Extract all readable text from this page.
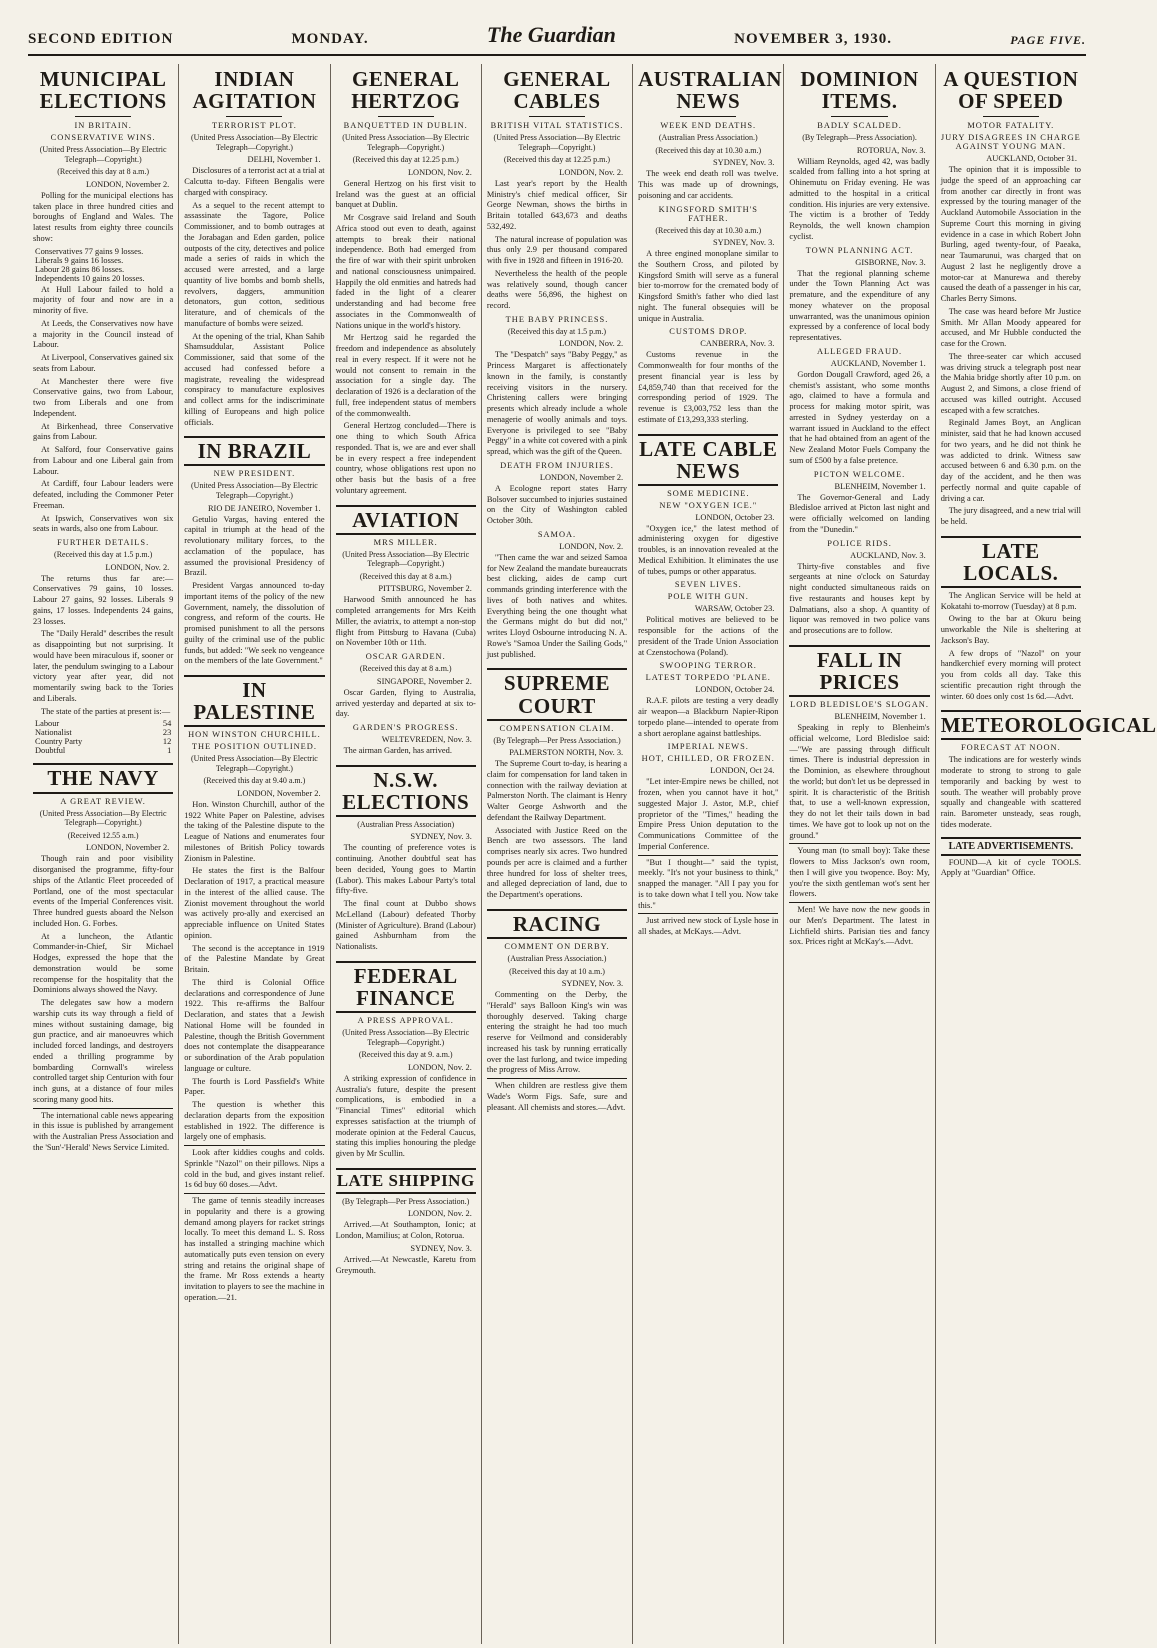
SECOND EDITION	MONDAY.	The Guardian	NOVEMBER 3, 1930.	PAGE FIVE.
MUNICIPAL ELECTIONS
IN BRITAIN.
CONSERVATIVE WINS.
(United Press Association—By Electric Telegraph—Copyright.)
(Received this day at 8 a.m.)
LONDON, November 2.

Polling for the municipal elections has taken place in three hundred cities and boroughs of England and Wales. The latest results from eighty three councils show:

Conservatives 77 gains 9 losses.
Liberals 9 gains 16 losses.
Labour 28 gains 86 losses.
Independents 10 gains 20 losses.

At Hull Labour failed to hold a majority of four and now are in a minority of five.

At Leeds, the Conservatives now have a majority in the Council instead of Labour.

At Liverpool, Conservatives gained six seats from Labour.

At Manchester there were five Conservative gains, two from Labour, two from Liberals and one from Independent.

At Birkenhead, three Conservative gains from Labour.

At Salford, four Conservative gains from Labour and one Liberal gain from Labour.

At Cardiff, four Labour leaders were defeated, including the Commoner Peter Freeman.

At Ipswich, Conservatives won six seats in wards, also one from Labour.

FURTHER DETAILS.
(Received this day at 1.5 p.m.)
LONDON, Nov. 2.

The returns thus far are:—Conservatives 79 gains, 10 losses. Labour 27 gains, 92 losses. Liberals 9 gains, 17 losses. Independents 24 gains, 23 losses.

The "Daily Herald" describes the result as disappointing but not surprising. It would have been miraculous if, sooner or later, the pendulum swinging to a Labour victory year after year, did not momentarily swing back to the Tories and Liberals.

The state of the parties at present is:—

Labour	54
Nationalist	23
Country Party	12
Doubtful	1
THE NAVY
A GREAT REVIEW.
(United Press Association—By Electric Telegraph—Copyright.)
(Received 12.55 a.m.)
LONDON, November 2.

Though rain and poor visibility disorganised the programme, fifty-four ships of the Atlantic Fleet proceeded of Portland, one of the most spectacular events of the Imperial Conferences visit. Three hundred guests aboard the Nelson included Hon. G. Forbes.

At a luncheon, the Atlantic Commander-in-Chief, Sir Michael Hodges, expressed the hope that the demonstration would be some recompense for the hospitality that the Dominions always showed the Navy.

The delegates saw how a modern warship cuts its way through a field of mines without sustaining damage, big gun practice, and air manoeuvres which included forced landings, and destroyers ended a thrilling programme by bombarding Cornwall's wireless controlled target ship Centurion with four inch guns, at a distance of four miles scoring many good hits.

The international cable news appearing in this issue is published by arrangement with the Australian Press Association and the 'Sun'-'Herald' News Service Limited.

INDIAN AGITATION
TERRORIST PLOT.
(United Press Association—By Electric Telegraph—Copyright.)
DELHI, November 1.

Disclosures of a terrorist act at a trial at Calcutta to-day. Fifteen Bengalis were charged with conspiracy.

As a sequel to the recent attempt to assassinate the Tagore, Police Commissioner, and to bomb outrages at the Jorabagan and Eden garden, police outposts of the city, detectives and police made a series of raids in which the accused were arrested, and a large quantity of live bombs and bomb shells, revolvers, daggers, ammunition detonators, gun cotton, seditious literature, and of chemicals of the manufacture of bombs were seized.

At the opening of the trial, Khan Sahib Shamsuddular, Assistant Police Commissioner, said that some of the accused had confessed before a magistrate, revealing the widespread conspiracy to manufacture explosives and collect arms for the indiscriminate killing of Europeans and high police officials.

IN BRAZIL
NEW PRESIDENT.
(United Press Association—By Electric Telegraph—Copyright.)
RIO DE JANEIRO, November 1.

Getulio Vargas, having entered the capital in triumph at the head of the revolutionary military forces, to the acclamation of the populace, has assumed the provisional Presidency of Brazil.

President Vargas announced to-day important items of the policy of the new Government, namely, the dissolution of congress, and reform of the courts. He promised punishment to all the persons guilty of the criminal use of the public funds, but added: "We seek no vengeance on the members of the late Government."

IN PALESTINE
HON WINSTON CHURCHILL.
THE POSITION OUTLINED.
(United Press Association—By Electric Telegraph—Copyright.)
(Received this day at 9.40 a.m.)
LONDON, November 2.

Hon. Winston Churchill, author of the 1922 White Paper on Palestine, advises the taking of the Palestine dispute to the League of Nations and enumerates four milestones of British Policy towards Zionism in Palestine.

He states the first is the Balfour Declaration of 1917, a practical measure in the interest of the allied cause. The Zionist movement throughout the world was actively pro-ally and exercised an appreciable influence on United States opinion.

The second is the acceptance in 1919 of the Palestine Mandate by Great Britain.

The third is Colonial Office declarations and correspondence of June 1922. This re-affirms the Balfour Declaration, and states that a Jewish National Home will be founded in Palestine, though the British Government does not contemplate the disappearance or subordination of the Arab population language or culture.

The fourth is Lord Passfield's White Paper.

The question is whether this declaration departs from the exposition established in 1922. The difference is largely one of emphasis.

Look after kiddies coughs and colds. Sprinkle "Nazol" on their pillows. Nips a cold in the bud, and gives instant relief. 1s 6d buy 60 doses.—Advt.

The game of tennis steadily increases in popularity and there is a growing demand among players for racket strings locally. To meet this demand L. S. Ross has installed a stringing machine which automatically puts even tension on every string and retains the original shape of the frame. Mr Ross extends a hearty invitation to players to see the machine in operation.—21.

GENERAL HERTZOG
BANQUETTED IN DUBLIN.
(United Press Association—By Electric Telegraph—Copyright.)
(Received this day at 12.25 p.m.)
LONDON, Nov. 2.

General Hertzog on his first visit to Ireland was the guest at an official banquet at Dublin.

Mr Cosgrave said Ireland and South Africa stood out even to death, against attempts to break their national independence. Both had emerged from the fire of war with their spirit unbroken and national consciousness unimpaired. Happily the old enmities and hatreds had faded in the light of a clearer understanding and had become free associates in the Commonwealth of Nations unique in the world's history.

Mr Hertzog said he regarded the freedom and independence as absolutely real in every respect. If it were not he would not consent to remain in the association for a single day. The declaration of 1926 is a declaration of the full, free independent status of members of the commonwealth.

General Hertzog concluded—There is one thing to which South Africa responded. That is, we are and ever shall be in every respect a free independent country, whose obligations rest upon no other basis but the basis of a free voluntary agreement.

AVIATION
MRS MILLER.
(United Press Association—By Electric Telegraph—Copyright.)
(Received this day at 8 a.m.)
PITTSBURG, November 2.

Harwood Smith announced he has completed arrangements for Mrs Keith Miller, the aviatrix, to attempt a non-stop flight from Pittsburg to Havana (Cuba) on November 10th or 11th.

OSCAR GARDEN.
(Received this day at 8 a.m.)
SINGAPORE, November 2.

Oscar Garden, flying to Australia, arrived yesterday and departed at six to-day.

GARDEN'S PROGRESS.
WELTEVREDEN, Nov. 3.

The airman Garden, has arrived.

N.S.W. ELECTIONS
(Australian Press Association)
SYDNEY, Nov. 3.

The counting of preference votes is continuing. Another doubtful seat has been decided, Young goes to Martin (Labor). This makes Labour Party's total fifty-five.

The final count at Dubbo shows McLelland (Labour) defeated Thorby (Minister of Agriculture). Brand (Labour) gained Ashburnham from the Nationalists.

FEDERAL FINANCE
A PRESS APPROVAL.
(United Press Association—By Electric Telegraph—Copyright.)
(Received this day at 9. a.m.)
LONDON, Nov. 2.

A striking expression of confidence in Australia's future, despite the present complications, is embodied in a "Financial Times" editorial which expresses satisfaction at the triumph of moderate opinion at the Federal Caucus, stating this implies honouring the pledge given by Mr Scullin.

LATE SHIPPING
(By Telegraph—Per Press Association.)
LONDON, Nov. 2.

Arrived.—At Southampton, Ionic; at London, Mamilius; at Colon, Rotorua.

SYDNEY, Nov. 3.

Arrived.—At Newcastle, Karetu from Greymouth.

GENERAL CABLES
BRITISH VITAL STATISTICS.
(United Press Association—By Electric Telegraph—Copyright.)
(Received this day at 12.25 p.m.)
LONDON, Nov. 2.

Last year's report by the Health Ministry's chief medical officer, Sir George Newman, shows the births in Britain totalled 643,673 and deaths 532,492.

The natural increase of population was thus only 2.9 per thousand compared with five in 1928 and fifteen in 1916-20.

Nevertheless the health of the people was relatively sound, though cancer deaths were 56,896, the highest on record.

THE BABY PRINCESS.
(Received this day at 1.5 p.m.)
LONDON, Nov. 2.

The "Despatch" says "Baby Peggy," as Princess Margaret is affectionately known in the family, is constantly receiving visitors in the nursery. Christening callers were bringing presents which already include a whole menagerie of woolly animals and toys. Everyone is privileged to see "Baby Peggy" in a white cot covered with a pink spread, which was the gift of the Queen.

DEATH FROM INJURIES.
LONDON, November 2.

A Ecologne report states Harry Bolsover succumbed to injuries sustained on the City of Washington cabled October 30th.

SAMOA.
LONDON, Nov. 2.

"Then came the war and seized Samoa for New Zealand the mandate bureaucrats best clicking, aides de camp curt commands grinding interference with the lives of both natives and whites. Everything being the one thought what the Germans might do but did not," writes Lloyd Osbourne introducing N. A. Rowe's "Samoa Under the Sailing Gods," just published.

SUPREME COURT
COMPENSATION CLAIM.
(By Telegraph—Per Press Association.)
PALMERSTON NORTH, Nov. 3.

The Supreme Court to-day, is hearing a claim for compensation for land taken in connection with the railway deviation at Palmerston North. The claimant is Henry Walter George Ashworth and the defendant the Railway Department.

Associated with Justice Reed on the Bench are two assessors. The land comprises nearly six acres. Two hundred pounds per acre is claimed and a further three hundred for loss of shelter trees, and alleged depreciation of land, due to the Department's operations.

RACING
COMMENT ON DERBY.
(Australian Press Association.)
(Received this day at 10 a.m.)
SYDNEY, Nov. 3.

Commenting on the Derby, the "Herald" says Balloon King's win was thoroughly deserved. Taking charge entering the straight he had too much reserve for Veilmond and considerably increased his task by running erratically over the last furlong, and twice impeding the progress of Miss Arrow.

When children are restless give them Wade's Worm Figs. Safe, sure and pleasant. All chemists and stores.—Advt.

AUSTRALIAN NEWS
WEEK END DEATHS.
(Australian Press Association.)
(Received this day at 10.30 a.m.)
SYDNEY, Nov. 3.

The week end death roll was twelve. This was made up of drownings, poisoning and car accidents.

KINGSFORD SMITH'S FATHER.
(Received this day at 10.30 a.m.)
SYDNEY, Nov. 3.

A three engined monoplane similar to the Southern Cross, and piloted by Kingsford Smith will serve as a funeral bier to-morrow for the cremated body of Kingsford Smith's father who died last night. The funeral obsequies will be unique in Australia.

CUSTOMS DROP.
CANBERRA, Nov. 3.

Customs revenue in the Commonwealth for four months of the present financial year is less by £4,859,740 than that received for the corresponding period of 1929. The revenue is £3,003,752 less than the estimate of £13,293,333 sterling.

LATE CABLE NEWS
SOME MEDICINE.
NEW "OXYGEN ICE."
LONDON, October 23.

"Oxygen ice," the latest method of administering oxygen for digestive troubles, is an innovation revealed at the Medical Exhibition. It eliminates the use of tubes, pumps or other apparatus.

SEVEN LIVES.
POLE WITH GUN.
WARSAW, October 23.

Political motives are believed to be responsible for the actions of the president of the Trade Union Association at Czenstochowa (Poland).

SWOOPING TERROR.
LATEST TORPEDO 'PLANE.
LONDON, October 24.

R.A.F. pilots are testing a very deadly air weapon—a Blackburn Napier-Ripon torpedo plane—intended to operate from a short aeroplane against battleships.

IMPERIAL NEWS.
HOT, CHILLED, OR FROZEN.
LONDON, Oct 24.

"Let inter-Empire news be chilled, not frozen, when you cannot have it hot," suggested Major J. Astor, M.P., chief proprietor of the "Times," heading the Empire Press Union deputation to the Communications Committee of the Imperial Conference.

"But I thought—" said the typist, meekly. "It's not your business to think," snapped the manager. "All I pay you for is to take down what I tell you. Now take this."

Just arrived new stock of Lysle hose in all shades, at McKays.—Advt.

DOMINION ITEMS.
BADLY SCALDED.
(By Telegraph—Press Association).
ROTORUA, Nov. 3.

William Reynolds, aged 42, was badly scalded from falling into a hot spring at Ohinemutu on Friday evening. He was admitted to the hospital in a critical condition. His injuries are very extensive. The victim is a brother of Teddy Reynolds, the well known champion cyclist.

TOWN PLANNING ACT.
GISBORNE, Nov. 3.

That the regional planning scheme under the Town Planning Act was premature, and the expenditure of any money whatever on the proposal unwarranted, was the unanimous opinion expressed by a conference of local body representatives.

ALLEGED FRAUD.
AUCKLAND, November 1.

Gordon Dougall Crawford, aged 26, a chemist's assistant, who some months ago, claimed to have a formula and process for making motor spirit, was arrested in Sydney yesterday on a warrant issued in Auckland to the effect that he had obtained from an agent of the New Zealand Motor Fuels Company the sum of £500 by a false pretence.

PICTON WELCOME.
BLENHEIM, November 1.

The Governor-General and Lady Bledisloe arrived at Picton last night and were officially welcomed on landing from the "Dunedin."

POLICE RIDS.
AUCKLAND, Nov. 3.

Thirty-five constables and five sergeants at nine o'clock on Saturday night conducted simultaneous raids on five restaurants and houses kept by Dalmatians, also a shop. A quantity of liquor was removed in two police vans and prosecutions are to follow.

FALL IN PRICES
LORD BLEDISLOE'S SLOGAN.
BLENHEIM, November 1.

Speaking in reply to Blenheim's official welcome, Lord Bledisloe said:—"We are passing through difficult times. There is industrial depression in the Dominion, as elsewhere throughout the world; but don't let us be depressed in spirit. It is characteristic of the British that, to use a well-known expression, they do not let their tails down in bad times. We have got to look up not on the ground."

Young man (to small boy): Take these flowers to Miss Jackson's own room, then I will give you twopence. Boy: My, you're the sixth gentleman wot's sent her flowers.

Men! We have now the new goods in our Men's Department. The latest in Lichfield shirts. Parisian ties and fancy sox. Prices right at McKay's.—Advt.

A QUESTION OF SPEED
MOTOR FATALITY.
JURY DISAGREES IN CHARGE AGAINST YOUNG MAN.
AUCKLAND, October 31.

The opinion that it is impossible to judge the speed of an approaching car from another car directly in front was expressed by the touring manager of the Auckland Automobile Association in the Supreme Court this morning in giving evidence in a case in which Robert John Burling, aged twenty-four, of Paeaka, near Taumarunui, was charged that on August 2 last he negligently drove a motor-car at Manurewa and thereby caused the death of a passenger in his car, Charles Berry Simons.

The case was heard before Mr Justice Smith. Mr Allan Moody appeared for accused, and Mr Hubble conducted the case for the Crown.

The three-seater car which accused was driving struck a telegraph post near the Mahia bridge shortly after 10 p.m. on August 2, and Simons, a close friend of accused was killed outright. Accused escaped with a few scratches.

Reginald James Boyt, an Anglican minister, said that he had known accused for two years, and he did not think he was addicted to drink. Witness saw accused between 6 and 6.30 p.m. on the day of the accident, and he then was perfectly normal and quite capable of driving a car.

The jury disagreed, and a new trial will be held.

LATE LOCALS.

The Anglican Service will be held at Kokatahi to-morrow (Tuesday) at 8 p.m.

Owing to the bar at Okuru being unworkable the Nile is sheltering at Jackson's Bay.

A few drops of "Nazol" on your handkerchief every morning will protect you from colds all day. Take this scientific precaution right through the winter. 60 does only cost 1s 6d.—Advt.

METEOROLOGICAL
FORECAST AT NOON.

The indications are for westerly winds moderate to strong to strong to gale temporarily and backing by west to south. The weather will probably prove squally and changeable with scattered rain. Barometer unsteady, seas rough, tides moderate.

LATE ADVERTISEMENTS.

FOUND—A kit of cycle TOOLS. Apply at "Guardian" Office.
